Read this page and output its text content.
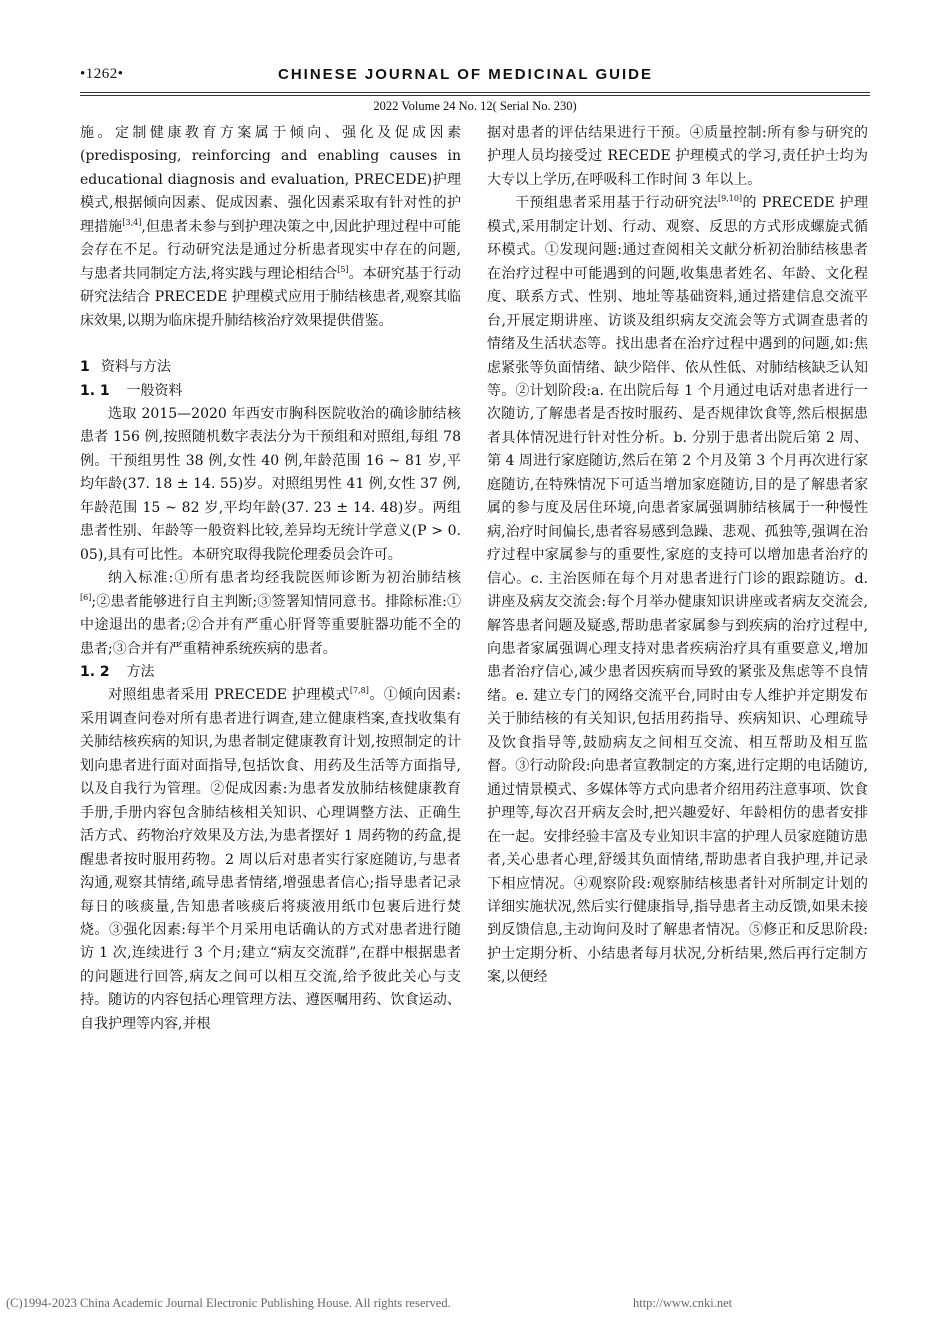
•1262•	CHINESE JOURNAL OF MEDICINAL GUIDE
2022 Volume 24 No. 12( Serial No. 230)

施。定制健康教育方案属于倾向、强化及促成因素(predisposing, reinforcing and enabling causes in educational diagnosis and evaluation, PRECEDE)护理模式,根据倾向因素、促成因素、强化因素采取有针对性的护理措施[3,4],但患者未参与到护理决策之中,因此护理过程中可能会存在不足。行动研究法是通过分析患者现实中存在的问题,与患者共同制定方法,将实践与理论相结合[5]。本研究基于行动研究法结合 PRECEDE 护理模式应用于肺结核患者,观察其临床效果,以期为临床提升肺结核治疗效果提供借鉴。

1 资料与方法
1. 1 一般资料

选取 2015—2020 年西安市胸科医院收治的确诊肺结核患者 156 例,按照随机数字表法分为干预组和对照组,每组 78 例。干预组男性 38 例,女性 40 例,年龄范围 16 ~ 81 岁,平均年龄(37. 18 ± 14. 55)岁。对照组男性 41 例,女性 37 例,年龄范围 15 ~ 82 岁,平均年龄(37. 23 ± 14. 48)岁。两组患者性别、年龄等一般资料比较,差异均无统计学意义(P > 0. 05),具有可比性。本研究取得我院伦理委员会许可。

纳入标准:①所有患者均经我院医师诊断为初治肺结核[6];②患者能够进行自主判断;③签署知情同意书。排除标准:①中途退出的患者;②合并有严重心肝肾等重要脏器功能不全的患者;③合并有严重精神系统疾病的患者。

1. 2 方法

对照组患者采用 PRECEDE 护理模式[7,8]。①倾向因素:采用调查问卷对所有患者进行调查,建立健康档案,查找收集有关肺结核疾病的知识,为患者制定健康教育计划,按照制定的计划向患者进行面对面指导,包括饮食、用药及生活等方面指导,以及自我行为管理。②促成因素:为患者发放肺结核健康教育手册,手册内容包含肺结核相关知识、心理调整方法、正确生活方式、药物治疗效果及方法,为患者摆好 1 周药物的药盒,提醒患者按时服用药物。2 周以后对患者实行家庭随访,与患者沟通,观察其情绪,疏导患者情绪,增强患者信心;指导患者记录每日的咳痰量,告知患者咳痰后将痰液用纸巾包裹后进行焚烧。③强化因素:每半个月采用电话确认的方式对患者进行随访 1 次,连续进行 3 个月;建立“病友交流群”,在群中根据患者的问题进行回答,病友之间可以相互交流,给予彼此关心与支持。随访的内容包括心理管理方法、遵医嘱用药、饮食运动、自我护理等内容,并根

据对患者的评估结果进行干预。④质量控制:所有参与研究的护理人员均接受过 RECEDE 护理模式的学习,责任护士均为大专以上学历,在呼吸科工作时间 3 年以上。

干预组患者采用基于行动研究法[9,10]的 PRECEDE 护理模式,采用制定计划、行动、观察、反思的方式形成螺旋式循环模式。①发现问题:通过查阅相关文献分析初治肺结核患者在治疗过程中可能遇到的问题,收集患者姓名、年龄、文化程度、联系方式、性别、地址等基础资料,通过搭建信息交流平台,开展定期讲座、访谈及组织病友交流会等方式调查患者的情绪及生活状态等。找出患者在治疗过程中遇到的问题,如:焦虑紧张等负面情绪、缺少陪伴、依从性低、对肺结核缺乏认知等。②计划阶段:a. 在出院后每 1 个月通过电话对患者进行一次随访,了解患者是否按时服药、是否规律饮食等,然后根据患者具体情况进行针对性分析。b. 分别于患者出院后第 2 周、第 4 周进行家庭随访,然后在第 2 个月及第 3 个月再次进行家庭随访,在特殊情况下可适当增加家庭随访,目的是了解患者家属的参与度及居住环境,向患者家属强调肺结核属于一种慢性病,治疗时间偏长,患者容易感到急躁、悲观、孤独等,强调在治疗过程中家属参与的重要性,家庭的支持可以增加患者治疗的信心。c. 主治医师在每个月对患者进行门诊的跟踪随访。d. 讲座及病友交流会:每个月举办健康知识讲座或者病友交流会,解答患者问题及疑惑,帮助患者家属参与到疾病的治疗过程中,向患者家属强调心理支持对患者疾病治疗具有重要意义,增加患者治疗信心,减少患者因疾病而导致的紧张及焦虑等不良情绪。e. 建立专门的网络交流平台,同时由专人维护并定期发布关于肺结核的有关知识,包括用药指导、疾病知识、心理疏导及饮食指导等,鼓励病友之间相互交流、相互帮助及相互监督。③行动阶段:向患者宣教制定的方案,进行定期的电话随访,通过情景模式、多媒体等方式向患者介绍用药注意事项、饮食护理等,每次召开病友会时,把兴趣爱好、年龄相仿的患者安排在一起。安排经验丰富及专业知识丰富的护理人员家庭随访患者,关心患者心理,舒缓其负面情绪,帮助患者自我护理,并记录下相应情况。④观察阶段:观察肺结核患者针对所制定计划的详细实施状况,然后实行健康指导,指导患者主动反馈,如果未接到反馈信息,主动询问及时了解患者情况。⑤修正和反思阶段:护士定期分析、小结患者每月状况,分析结果,然后再行定制方案,以便经

(C)1994-2023 China Academic Journal Electronic Publishing House. All rights reserved.	http://www.cnki.net
